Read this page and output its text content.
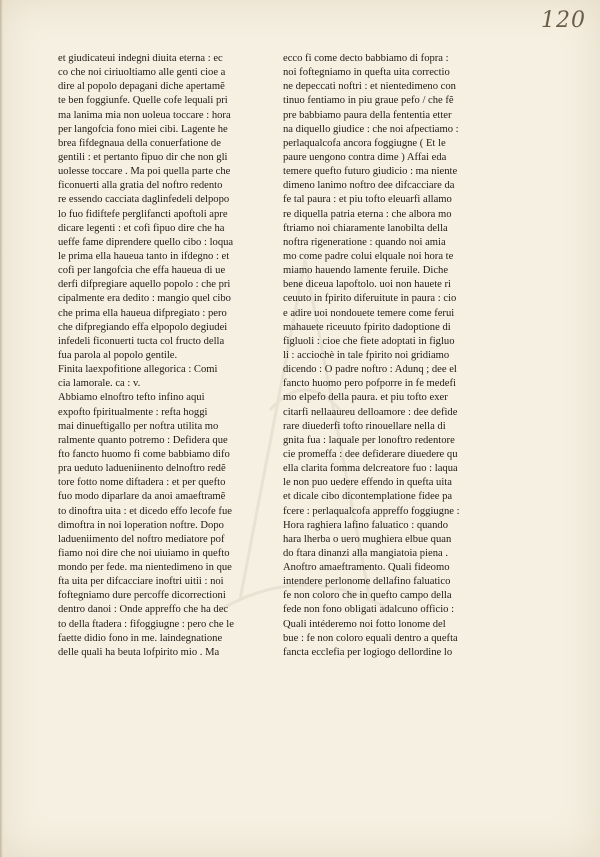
120
et giudicateui indegni diuita eterna : ec
co che noi ciriuoltiamo alle genti cioe a
dire al popolo depagani diche apertamẽ
te ben foggiunfe. Quelle cofe lequali pri
ma lanima mia non uoleua toccare : hora
per langofcia fono miei cibi. Lagente he
brea fifdegnaua della conuerfatione de
gentili : et pertanto fipuo dir che non gli
uolesse toccare . Ma poi quella parte che
ficonuerti alla gratia del noftro redento
re essendo cacciata daglinfedeli delpopo
lo fuo fidiftefe perglifancti apoftoli apre
dicare legenti : et cofi fipuo dire che ha
ueffe fame diprendere quello cibo : loqua
le prima ella haueua tanto in ifdegno : et
cofi per langofcia che effa haueua di ue
derfi difpregiare aquello popolo : che pri
cipalmente era dedito : mangio quel cibo
che prima ella haueua difpregiato : pero
che difpregiando effa elpopolo degiudei
infedeli ficonuerti tucta col fructo della
fua parola al popolo gentile.
Finita laexpofitione allegorica : Comi
cia lamorale. ca : v.
Abbiamo elnoftro tefto infino aqui
expofto fpiritualmente : refta hoggi
mai dinueftigallo per noftra utilita mo
ralmente quanto potremo : Defidera que
fto fancto huomo fi come babbiamo difo
pra ueduto ladueniinento delnoftro redẽ
tore fotto nome diftadera : et per quefto
fuo modo diparlare da anoi amaeftramẽ
to dinoftra uita : et dicedo effo lecofe fue
dimoftra in noi loperation noftre. Dopo
ladueniimento del noftro mediatore pof
fiamo noi dire che noi uiuiamo in quefto
mondo per fede. ma nientedimeno in que
fta uita per difcacciare inoftri uitii : noi
foftegniamo dure percoffe dicorrectioni
dentro danoi : Onde appreffo che ha dec
to della ftadera : fifoggiugne : pero che le
faette didio fono in me. laindegnatione
delle quali ha beuta lofpirito mio . Ma
ecco fi come decto babbiamo di fopra :
noi foftegniamo in quefta uita correctio
ne depeccati noftri : et nientedimeno con
tinuo fentiamo in piu graue pefo / che fẽ
pre babbiamo paura della fententia etter
na diquello giudice : che noi afpectiamo :
perlaqualcofa ancora foggiugne ( Et le
paure uengono contra dime ) Affai eda
temere quefto futuro giudicio : ma niente
dimeno lanimo noftro dee difcacciare da
fe tal paura : et piu tofto eleuarfi allamo
re diquella patria eterna : che albora mo
ftriamo noi chiaramente lanobilta della
noftra rigeneratione : quando noi amia
mo come padre colui elquale noi hora te
miamo hauendo lamente feruile. Diche
bene diceua lapoftolo. uoi non hauete ri
ceuuto in fpirito diferuitute in paura : cio
e adire uoi nondouete temere come ferui
mahauete riceuuto fpirito dadoptione di
figluoli : cioe che fiete adoptati in figluo
li : acciochè in tale fpirito noi gridiamo
dicendo : O padre noftro : Adunq ; dee el
fancto huomo pero pofporre in fe medefi
mo elpefo della paura. et piu tofto exer
citarfi nellaaureu delloamore : dee defide
rare diuederfi tofto rinouellare nella di
gnita fua : laquale per lonoftro redentore
cie promeffa : dee defiderare diuedere qu
ella clarita fomma delcreatore fuo : laqua
le non puo uedere effendo in quefta uita
et dicale cibo dicontemplatione fidee pa
fcere : perlaqualcofa appreffo foggiugne :
Hora raghiera lafino faluatico : quando
hara lherba o uero mughiera elbue quan
do ftara dinanzi alla mangiatoia piena .
Anoftro amaeftramento. Quali fideomo
intendere perlonome dellafino faluatico
fe non coloro che in quefto campo della
fede non fono obligati adalcuno officio :
Quali intéderemo noi fotto lonome del
bue : fe non coloro equali dentro a quefta
fancta ecclefia per logiogo dellordine lo
